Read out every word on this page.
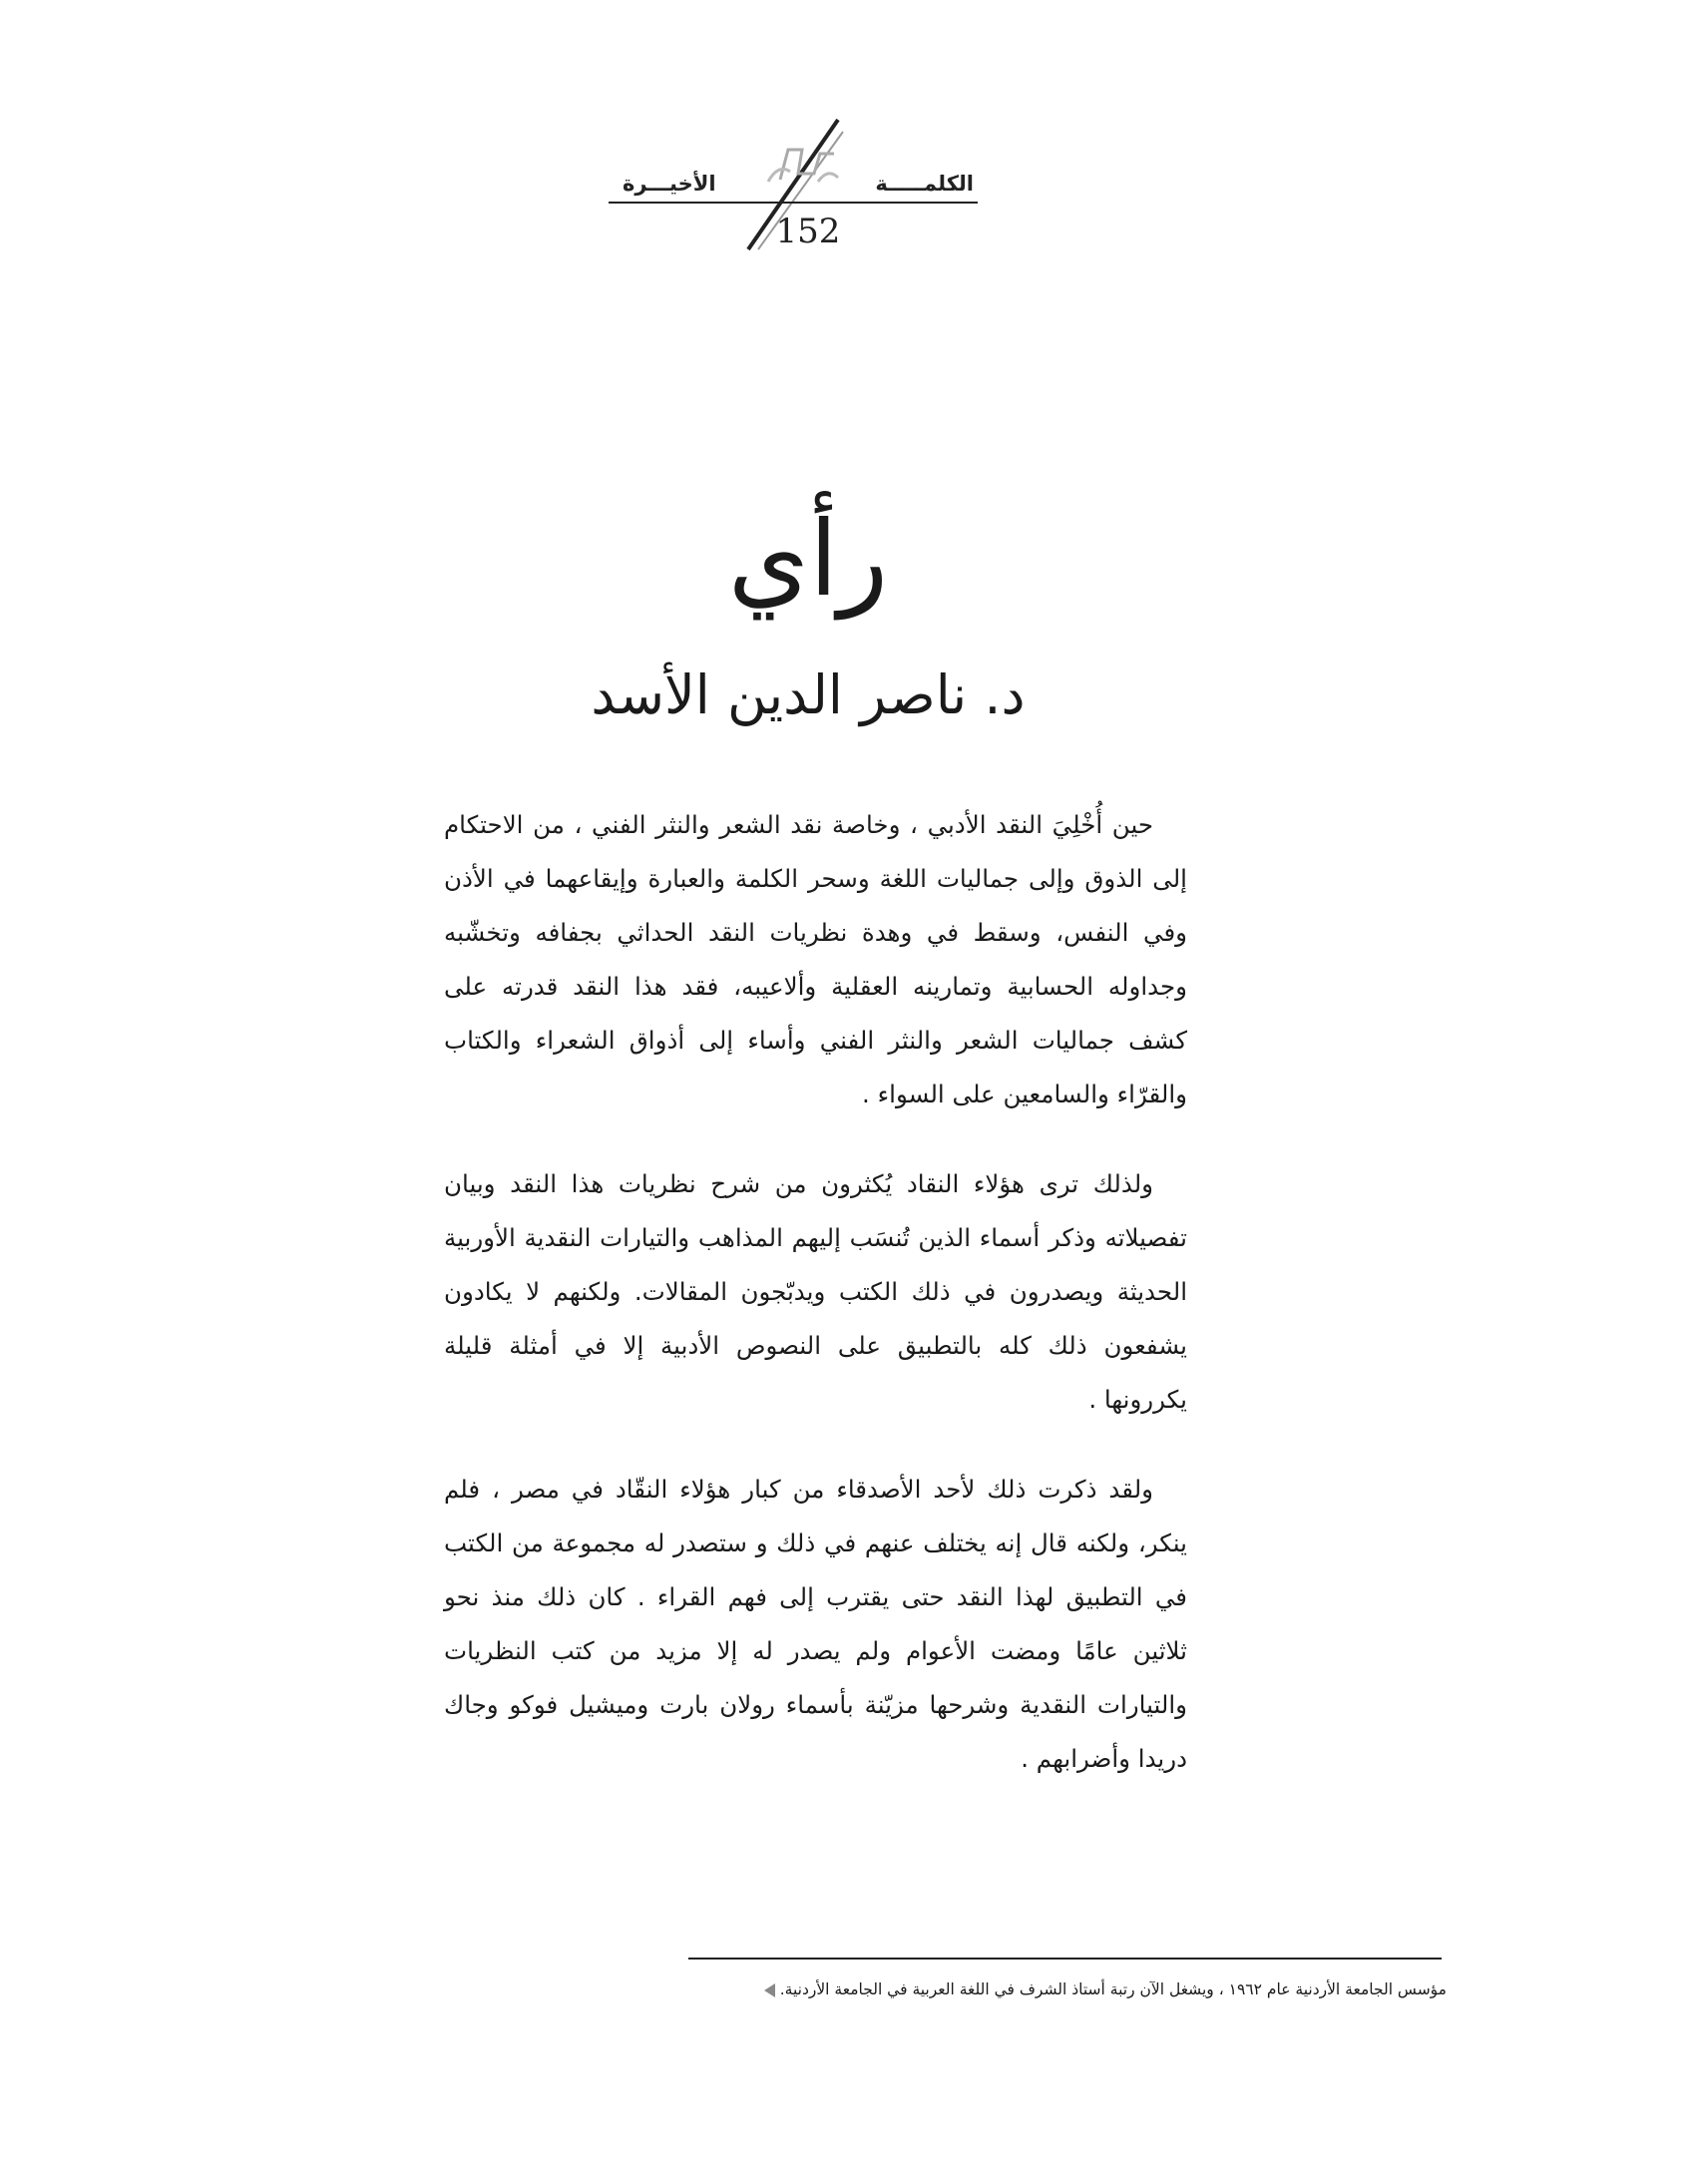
الكلمـــــة
الأخيـــرة
152
رأي
د. ناصر الدين الأسد

حين أُخْلِيَ النقد الأدبي ، وخاصة نقد الشعر والنثر الفني ، من الاحتكام إلى الذوق وإلى جماليات اللغة وسحر الكلمة والعبارة وإيقاعهما في الأذن وفي النفس، وسقط في وهدة نظريات النقد الحداثي بجفافه وتخشّبه وجداوله الحسابية وتمارينه العقلية وألاعيبه، فقد هذا النقد قدرته على كشف جماليات الشعر والنثر الفني وأساء إلى أذواق الشعراء والكتاب والقرّاء والسامعين على السواء .

ولذلك ترى هؤلاء النقاد يُكثرون من شرح نظريات هذا النقد وبيان تفصيلاته وذكر أسماء الذين تُنسَب إليهم المذاهب والتيارات النقدية الأوربية الحديثة ويصدرون في ذلك الكتب ويدبّجون المقالات. ولكنهم لا يكادون يشفعون ذلك كله بالتطبيق على النصوص الأدبية إلا في أمثلة قليلة يكررونها .

ولقد ذكرت ذلك لأحد الأصدقاء من كبار هؤلاء النقّاد في مصر ، فلم ينكر، ولكنه قال إنه يختلف عنهم في ذلك و ستصدر له مجموعة من الكتب في التطبيق لهذا النقد حتى يقترب إلى فهم القراء . كان ذلك منذ نحو ثلاثين عامًا ومضت الأعوام ولم يصدر له إلا مزيد من كتب النظريات والتيارات النقدية وشرحها مزيّنة بأسماء رولان بارت وميشيل فوكو وجاك دريدا وأضرابهم .

مؤسس الجامعة الأردنية عام ١٩٦٢ ، ويشغل الآن رتبة أستاذ الشرف في اللغة العربية في الجامعة الأردنية.
